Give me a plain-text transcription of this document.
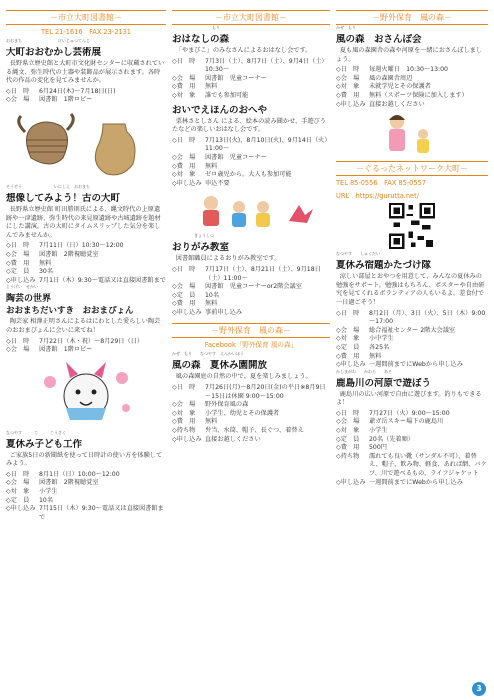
－市立大町図書館－
TEL 21-1616　FAX 23-2131
おおまち　　　　　　　　　けいじゅつてんじ
大町おおむかし芸術展
長野県立歴史館と大町市文化財センターに収蔵されている縄文、弥生時代の土器や装飾品が展示されます。各時代の作品の変化を見てみませんか。
◇日　時	6月24日(木)～7月18日(日)
◇会　場	図書館　1階ロビー
そうぞう　　　　　　　　いにしえ　おおまち
想像してみよう！古の大町
長野県立歴史館 町田勝則氏による、縄文時代の上原遺跡や一津遺跡、弥生時代の来見原遺跡や古城遺跡を題材にした講演。古の大町にタイムスリップした気分を楽しんでみませんか。
◇日　時	7月11日（日）10:30～12:00
◇会　場	図書館　2階視聴覚室
◇費　用	無料
◇定　員	30名
◇申し込み 7月1日（木）9:30～電話又は直接図書館まで
とうげい　せかい
陶芸の世界
おおまちだいすき　おおまぴょん
陶芸家 相澤正明さんによるはにわとした愛らしい陶芸のおおまぴょんに会いに来てね！
◇日　時	7月22日（木・祝）～8月29日（日）
◇会　場	図書館　1階ロビー
なつやす　　　こ　　　こうさく
夏休み子ども工作
ご家族5日の新聞紙を使って日時計の使い方を体験してみよう。
◇日　時	8月1日（日）10:00～12:00
◇会　場	図書館　2階視聴覚室
◇対　象	小学生
◇定　員	10名
◇申し込み 7月15日（木）9:30～電話又は直接図書館まで
－市立大町図書館－
もり
おはなしの森
「やまびこ」のみなさんによるおはなし会です。
◇日　時	7月3日（土）、8月7日（土）、9月4日（土）10:30～
◇会　場	図書館　児童コーナー
◇費　用	無料
◇対　象	誰でも参加可能
おいでえほんのおへや
栗林さとしさん による、絵本の読み聞かせ、手遊びうたなどの楽しいおはなし会です。
◇日　時	7月13日(火)、8月10日(火)、9月14日（火）11:00～
◇会　場	図書館　児童コーナー
◇費　用	無料
◇対　象	ゼロ歳児から。大人も参加可能
◇申し込み 申込不要
きょうしつ
おりがみ教室
図書館職員によるおりがみ教室です。
◇日　時	7月17日（土）、8月21日（土）、9月18日（土）11:00～
◇会　場	図書館　児童コーナーor2階会議室
◇定　員	10名
◇費　用	無料
◇申し込み 事前申し込み
－野外保育　風の森－
Facebook「野外保育 風の森」
かぜ　もり　　なつやす　えんかいほう
風の森　夏休み園開放
風の森園庭の自然の中で、夏を楽しみましょう。
◇日　時	7月26日(月)～8月20日(金)の平日※8月9日～15日は休園 9:00～15:00
◇会　場	野外保育風の森
◇対　象	小学生、幼児とその保護者
◇費　用	無料
◇持ち物	弁当、水筒、帽子、長ぐつ、着替え
◇申し込み 直接お越しください
－野外保育　風の森－
かぜ　もり
風の森　おさんぽ会
夏も風の森園舎の森や河原を一緒におさんぽしましょう。
◇日　時	毎週火曜日　10:30～13:00
◇会　場	風の森園舎周辺
◇対　象	未就学児とその保護者
◇費　用	無料（スポーツ保険に加入します）
◇申し込み 直接お越しください
－ぐるったネットワーク大町－
TEL 85-0556　FAX 85-0557
URL　https://gurutta.net/
なつやす　　しゅくだい
夏休み宿題かたづけ隊
涼しい部屋とおやつを用意して、みんなの夏休みの勉強をサポート。勉強はもちろん、ポスターや自由研究を見てくれるボランティアの人もいるよ。差食付で一日過ごそう！
◇日　時	8月2日（月）、3日（火）、5日（木）9:00～17:00
◇会　場	総合福祉センター 2階大会議室
◇対　象	小中学生
◇定　員	各25名
◇費　用	無料
◇申し込み 一週間前までにWebから申し込み
かしまがわ　　かわら　　あそ
鹿島川の河原で遊ぼう
鹿島川の広い河原で自由に遊びます。釣りもできるよ！
◇日　時	7月27日（火）9:00～15:00
◇会　場	爺ガ岳スキー場下の鹿島川
◇対　象	小学生
◇定　員	20名（先着順）
◇費　用	500円
◇持ち物	濡れても良い靴（サンダル不可）、着替え、帽子、飲み物、軽食、あれば網、バケツ、川で遊べるもの、ライフジャケット
◇申し込み 一週間前までにWebから申し込み
3
